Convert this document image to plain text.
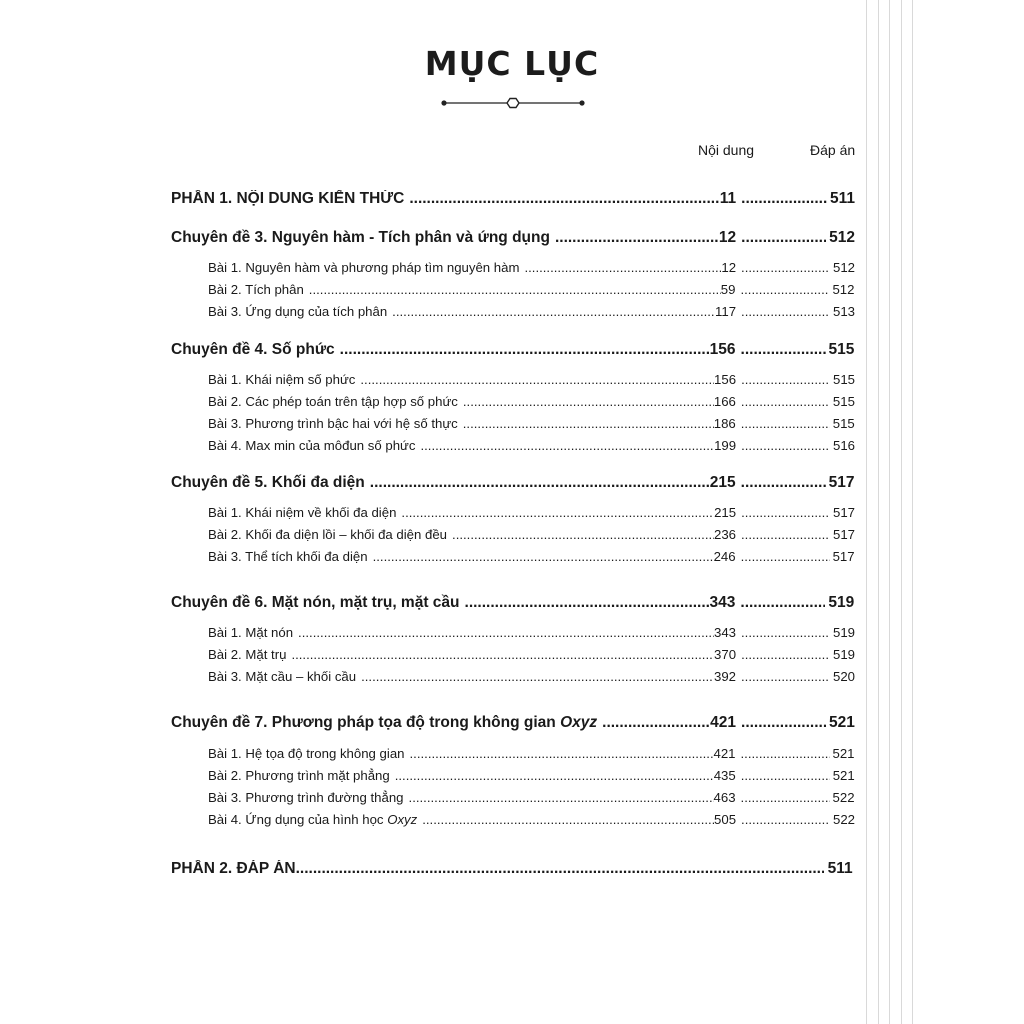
MỤC LỤC
Nội dung	Đáp án
PHẦN 1. NỘI DUNG KIẾN THỨC .....	11 .....	511
Chuyên đề 3. Nguyên hàm - Tích phân và ứng dụng .....	12 .....	512
Bài 1. Nguyên hàm và phương pháp tìm nguyên hàm .....	12 .....	512
Bài 2. Tích phân .....	59 .....	512
Bài 3. Ứng dụng của tích phân .....	117 .....	513
Chuyên đề 4. Số phức .....	156 .....	515
Bài 1. Khái niệm số phức .....	156 .....	515
Bài 2. Các phép toán trên tập hợp số phức .....	166 .....	515
Bài 3. Phương trình bậc hai với hệ số thực .....	186 .....	515
Bài 4. Max min của môđun số phức .....	199 .....	516
Chuyên đề 5. Khối đa diện .....	215 .....	517
Bài 1. Khái niệm về khối đa diện .....	215 .....	517
Bài 2. Khối đa diện lồi – khối đa diện đều .....	236 .....	517
Bài 3. Thể tích khối đa diện .....	246 .....	517
Chuyên đề 6. Mặt nón, mặt trụ, mặt cầu .....	343 .....	519
Bài 1. Mặt nón .....	343 .....	519
Bài 2. Mặt trụ .....	370 .....	519
Bài 3. Mặt cầu – khối cầu .....	392 .....	520
Chuyên đề 7. Phương pháp tọa độ trong không gian Oxyz .....	421 .....	521
Bài 1. Hệ tọa độ trong không gian .....	421 .....	521
Bài 2. Phương trình mặt phẳng .....	435 .....	521
Bài 3. Phương trình đường thẳng .....	463 .....	522
Bài 4. Ứng dụng của hình học Oxyz .....	505 .....	522
PHẦN 2. ĐÁP ÁN .....	511
